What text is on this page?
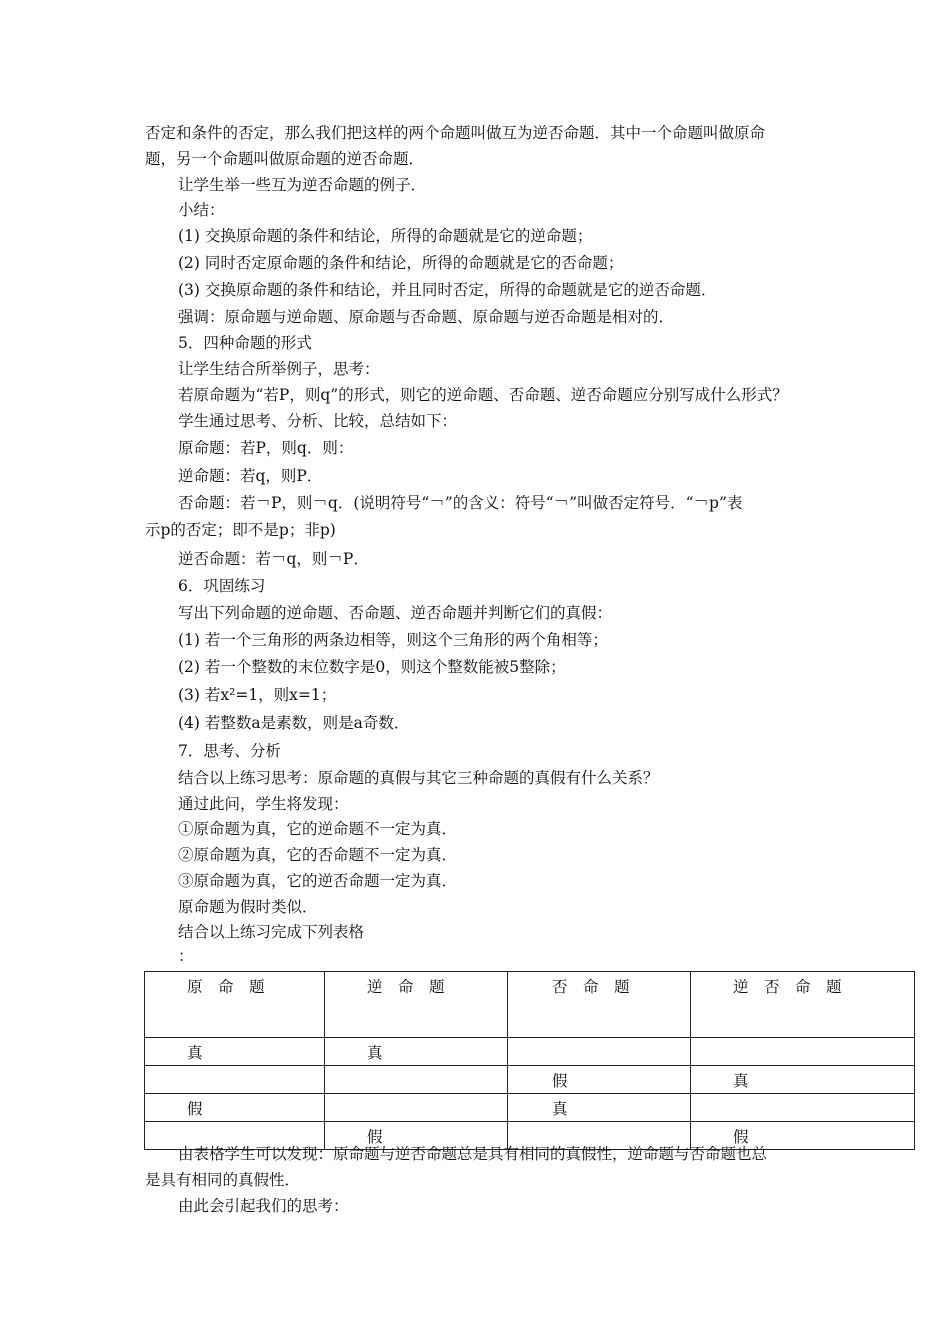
否定和条件的否定，那么我们把这样的两个命题叫做互为逆否命题．其中一个命题叫做原命
题，另一个命题叫做原命题的逆否命题．
让学生举一些互为逆否命题的例子．
小结：
(1) 交换原命题的条件和结论，所得的命题就是它的逆命题；
(2) 同时否定原命题的条件和结论，所得的命题就是它的否命题；
(3) 交换原命题的条件和结论，并且同时否定，所得的命题就是它的逆否命题．
强调：原命题与逆命题、原命题与否命题、原命题与逆否命题是相对的．
5．四种命题的形式
让学生结合所举例子，思考：
若原命题为“若P，则q”的形式，则它的逆命题、否命题、逆否命题应分别写成什么形式？
学生通过思考、分析、比较，总结如下：
原命题：若P，则q．则：
逆命题：若q，则P．
否命题：若￢P，则￢q．(说明符号“￢”的含义：符号“￢”叫做否定符号．“￢p”表
示p的否定；即不是p；非p)
逆否命题：若￢q，则￢P．
6．巩固练习
写出下列命题的逆命题、否命题、逆否命题并判断它们的真假：
(1) 若一个三角形的两条边相等，则这个三角形的两个角相等；
(2) 若一个整数的末位数字是0，则这个整数能被5整除；
(3) 若x²=1，则x=1；
(4) 若整数a是素数，则是a奇数．
7．思考、分析
结合以上练习思考：原命题的真假与其它三种命题的真假有什么关系？
通过此问，学生将发现：
①原命题为真，它的逆命题不一定为真．
②原命题为真，它的否命题不一定为真．
③原命题为真，它的逆否命题一定为真．
原命题为假时类似．
结合以上练习完成下列表格
：
原　命　题	逆　命　题	否　命　题	逆　否　命　题
真	真		
		假	真
假		真	
	假		假
由表格学生可以发现：原命题与逆否命题总是具有相同的真假性，逆命题与否命题也总
是具有相同的真假性．
由此会引起我们的思考：
